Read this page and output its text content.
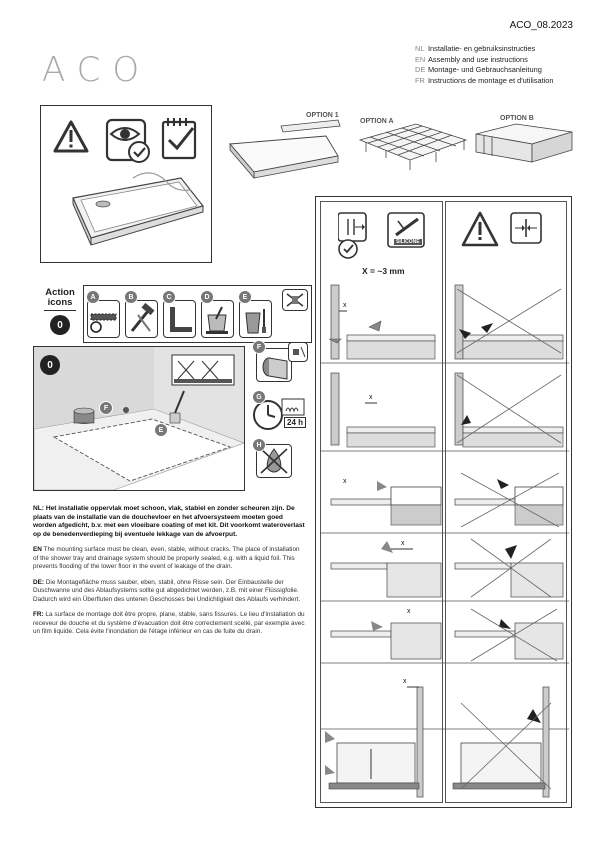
ACO
ACO_08.2023
NL Installatie- en gebruiksinstructies
EN Assembly and use instructions
DE Montage- und Gebrauchsanleitung
FR Instructions de montage et d'utilisation
OPTION 1
OPTION A	OPTION B
Action icons
0
A	B	C	D	E
0
F
E
F
24 h
G
H
NL: Het installatie oppervlak moet schoon, vlak, stabiel en zonder scheuren zijn. De plaats van de installatie van de douchevloer en het afvoersysteem moeten goed worden afgedicht, b.v. met een vloeibare coating of met kit. Dit voorkomt wateroverlast op de benedenverdieping bij eventuele lekkage van de afvoerput.
EN The mounting surface must be clean, even, stable, without cracks. The place of installation of the shower tray and drainage system should be properly sealed, e.g. with a liquid foil. This prevents flooding of the lower floor in the event of leakage of the drain.
DE: Die Montagefläche muss sauber, eben, stabil, ohne Risse sein. Der Einbaustelle der Duschwanne und des Ablaufsystems sollte gut abgedichtet werden, z.B. mit einer Flüssigfolie. Dadurch wird ein Überfluten des unteren Geschosses bei Undichtigkeit des Ablaufs verhindert.
FR: La surface de montage doit être propre, plane, stable, sans fissures. Le lieu d'installation du receveur de douche et du système d'évacuation doit être correctement scellé, par exemple avec un film liquide. Cela évite l'inondation de l'étage inférieur en cas de fuite du drain.
SILICONE
X = ~3 mm
x
x
x
x
x
x
